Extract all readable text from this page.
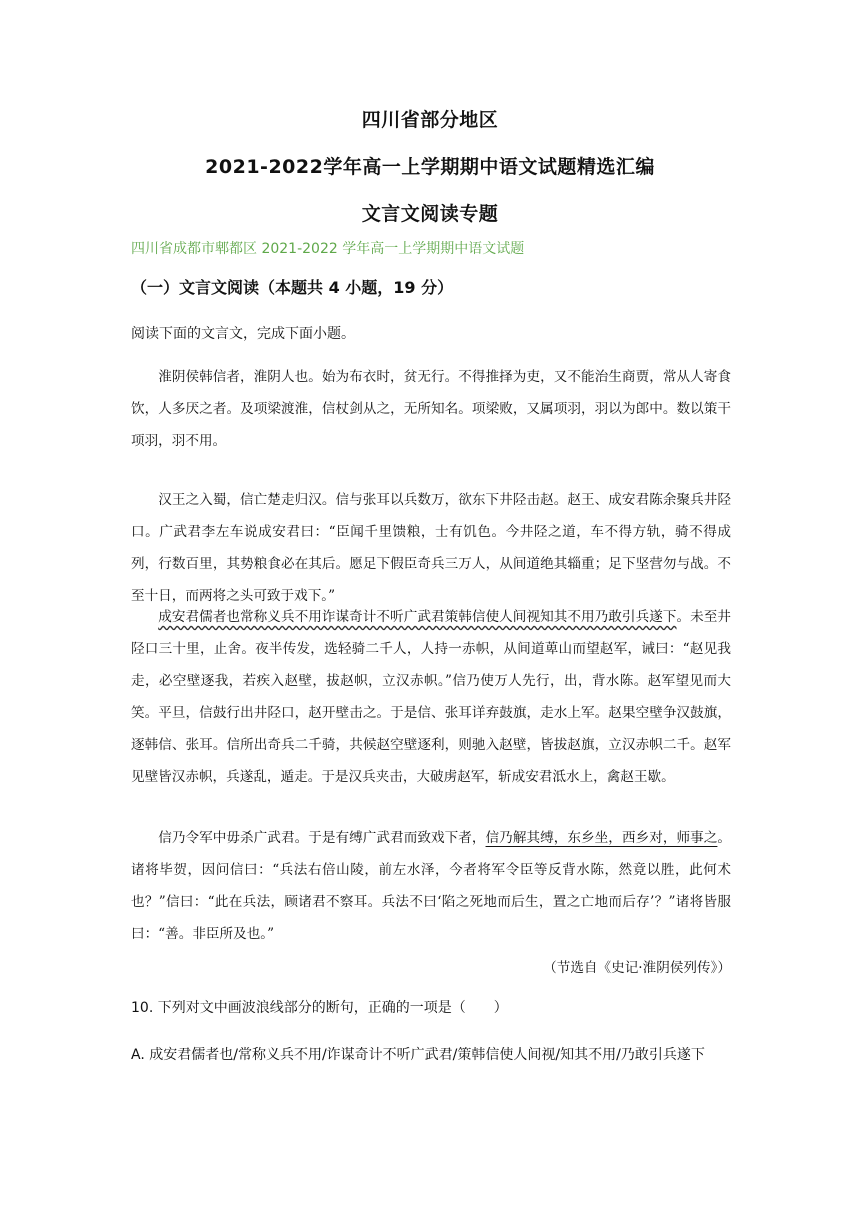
四川省部分地区
2021-2022学年高一上学期期中语文试题精选汇编
文言文阅读专题
四川省成都市郫都区 2021-2022 学年高一上学期期中语文试题
（一）文言文阅读（本题共 4 小题，19 分）
阅读下面的文言文，完成下面小题。
淮阴侯韩信者，淮阴人也。始为布衣时，贫无行。不得推择为吏，又不能治生商贾，常从人寄食饮，人多厌之者。及项梁渡淮，信杖剑从之，无所知名。项梁败，又属项羽，羽以为郎中。数以策干项羽，羽不用。
汉王之入蜀，信亡楚走归汉。信与张耳以兵数万，欲东下井陉击赵。赵王、成安君陈余聚兵井陉口。广武君李左车说成安君曰：“臣闻千里馈粮，士有饥色。今井陉之道，车不得方轨，骑不得成列，行数百里，其势粮食必在其后。愿足下假臣奇兵三万人，从间道绝其辎重；足下坚营勿与战。不至十日，而两将之头可致于戏下。”
成安君儒者也常称义兵不用诈谋奇计不听广武君策韩信使人间视知其不用乃敢引兵遂下。未至井陉口三十里，止舍。夜半传发，选轻骑二千人，人持一赤帜，从间道萆山而望赵军，诫曰：“赵见我走，必空壁逐我，若疾入赵壁，拔赵帜，立汉赤帜。”信乃使万人先行，出，背水陈。赵军望见而大笑。平旦，信鼓行出井陉口，赵开壁击之。于是信、张耳详弃鼓旗，走水上军。赵果空壁争汉鼓旗，逐韩信、张耳。信所出奇兵二千骑，共候赵空壁逐利，则驰入赵壁，皆拔赵旗，立汉赤帜二千。赵军见壁皆汉赤帜，兵遂乱，遁走。于是汉兵夹击，大破虏赵军，斩成安君泜水上，禽赵王歇。
信乃令军中毋杀广武君。于是有缚广武君而致戏下者，信乃解其缚，东乡坐，西乡对，师事之。诸将毕贺，因问信曰：“兵法右倍山陵，前左水泽，今者将军令臣等反背水陈，然竟以胜，此何术也？”信曰：“此在兵法，顾诸君不察耳。兵法不曰‘陷之死地而后生，置之亡地而后存’？”诸将皆服曰：“善。非臣所及也。”
（节选自《史记·淮阴侯列传》）
10. 下列对文中画波浪线部分的断句，正确的一项是（　　）
A. 成安君儒者也/常称义兵不用/诈谋奇计不听广武君/策韩信使人间视/知其不用/乃敢引兵遂下
